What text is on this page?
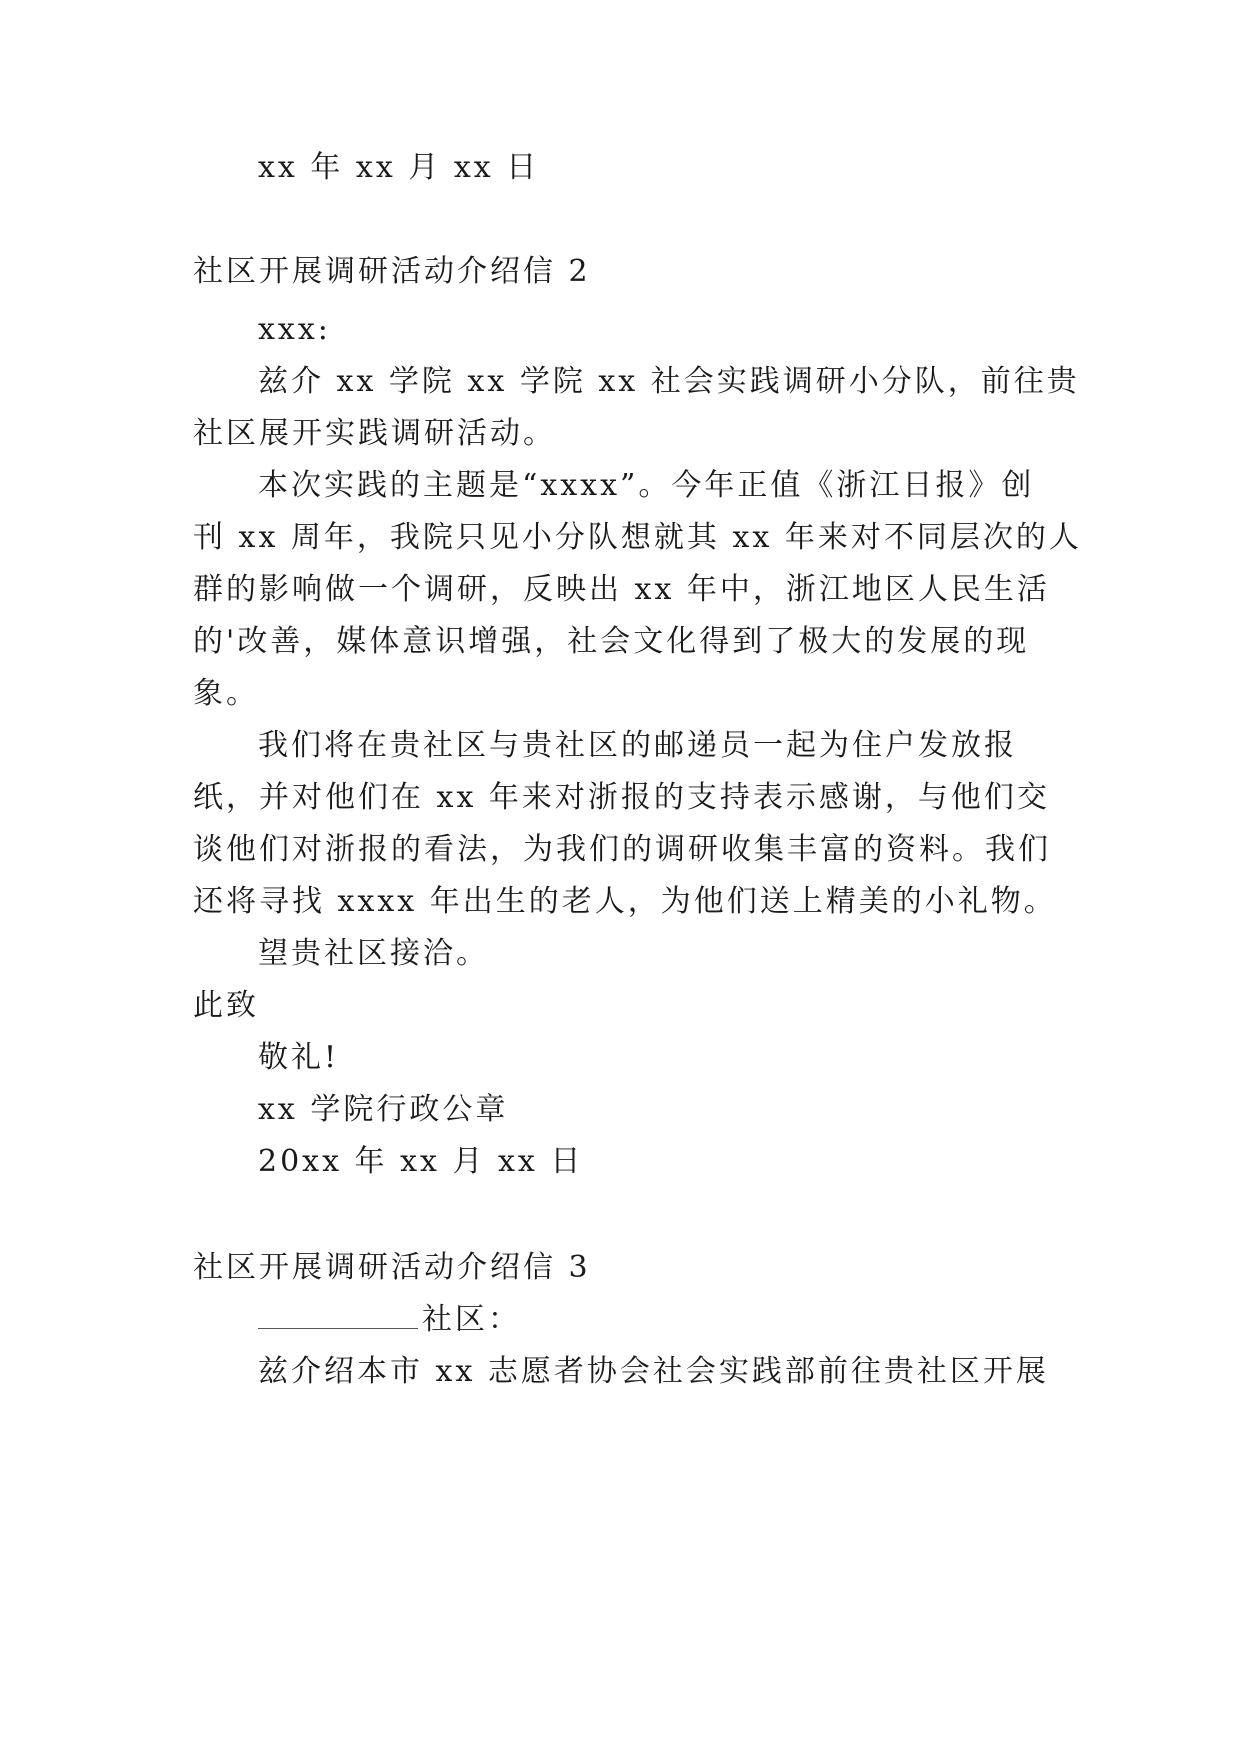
xx 年 xx 月 xx 日
社区开展调研活动介绍信 2
xxx:
兹介 xx 学院 xx 学院 xx 社会实践调研小分队，前往贵
社区展开实践调研活动。
本次实践的主题是“xxxx”。今年正值《浙江日报》创
刊 xx 周年，我院只见小分队想就其 xx 年来对不同层次的人
群的影响做一个调研，反映出 xx 年中，浙江地区人民生活
的'改善，媒体意识增强，社会文化得到了极大的发展的现
象。
我们将在贵社区与贵社区的邮递员一起为住户发放报
纸，并对他们在 xx 年来对浙报的支持表示感谢，与他们交
谈他们对浙报的看法，为我们的调研收集丰富的资料。我们
还将寻找 xxxx 年出生的老人，为他们送上精美的小礼物。
望贵社区接洽。
此致
敬礼!
xx 学院行政公章
20xx 年 xx 月 xx 日
社区开展调研活动介绍信 3
社区：
兹介绍本市 xx 志愿者协会社会实践部前往贵社区开展
